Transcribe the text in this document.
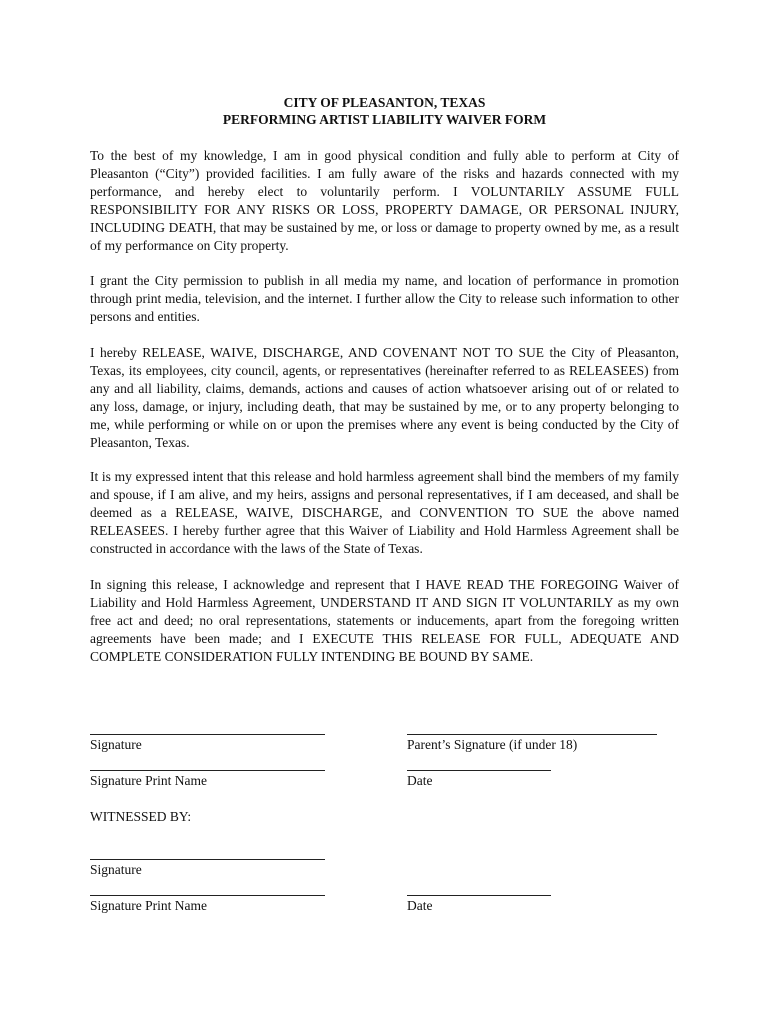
CITY OF PLEASANTON, TEXAS
PERFORMING ARTIST LIABILITY WAIVER FORM

To the best of my knowledge, I am in good physical condition and fully able to perform at City of Pleasanton (“City”) provided facilities. I am fully aware of the risks and hazards connected with my performance, and hereby elect to voluntarily perform. I VOLUNTARILY ASSUME FULL RESPONSIBILITY FOR ANY RISKS OR LOSS, PROPERTY DAMAGE, OR PERSONAL INJURY, INCLUDING DEATH, that may be sustained by me, or loss or damage to property owned by me, as a result of my performance on City property.

I grant the City permission to publish in all media my name, and location of performance in promotion through print media, television, and the internet. I further allow the City to release such information to other persons and entities.

I hereby RELEASE, WAIVE, DISCHARGE, AND COVENANT NOT TO SUE the City of Pleasanton, Texas, its employees, city council, agents, or representatives (hereinafter referred to as RELEASEES) from any and all liability, claims, demands, actions and causes of action whatsoever arising out of or related to any loss, damage, or injury, including death, that may be sustained by me, or to any property belonging to me, while performing or while on or upon the premises where any event is being conducted by the City of Pleasanton, Texas.

It is my expressed intent that this release and hold harmless agreement shall bind the members of my family and spouse, if I am alive, and my heirs, assigns and personal representatives, if I am deceased, and shall be deemed as a RELEASE, WAIVE, DISCHARGE, and CONVENTION TO SUE the above named RELEASEES. I hereby further agree that this Waiver of Liability and Hold Harmless Agreement shall be constructed in accordance with the laws of the State of Texas.

In signing this release, I acknowledge and represent that I HAVE READ THE FOREGOING Waiver of Liability and Hold Harmless Agreement, UNDERSTAND IT AND SIGN IT VOLUNTARILY as my own free act and deed; no oral representations, statements or inducements, apart from the foregoing written agreements have been made; and I EXECUTE THIS RELEASE FOR FULL, ADEQUATE AND COMPLETE CONSIDERATION FULLY INTENDING BE BOUND BY SAME.

Signature	Parent’s Signature (if under 18)
Signature Print Name	Date
WITNESSED BY:
Signature
Signature Print Name	Date
